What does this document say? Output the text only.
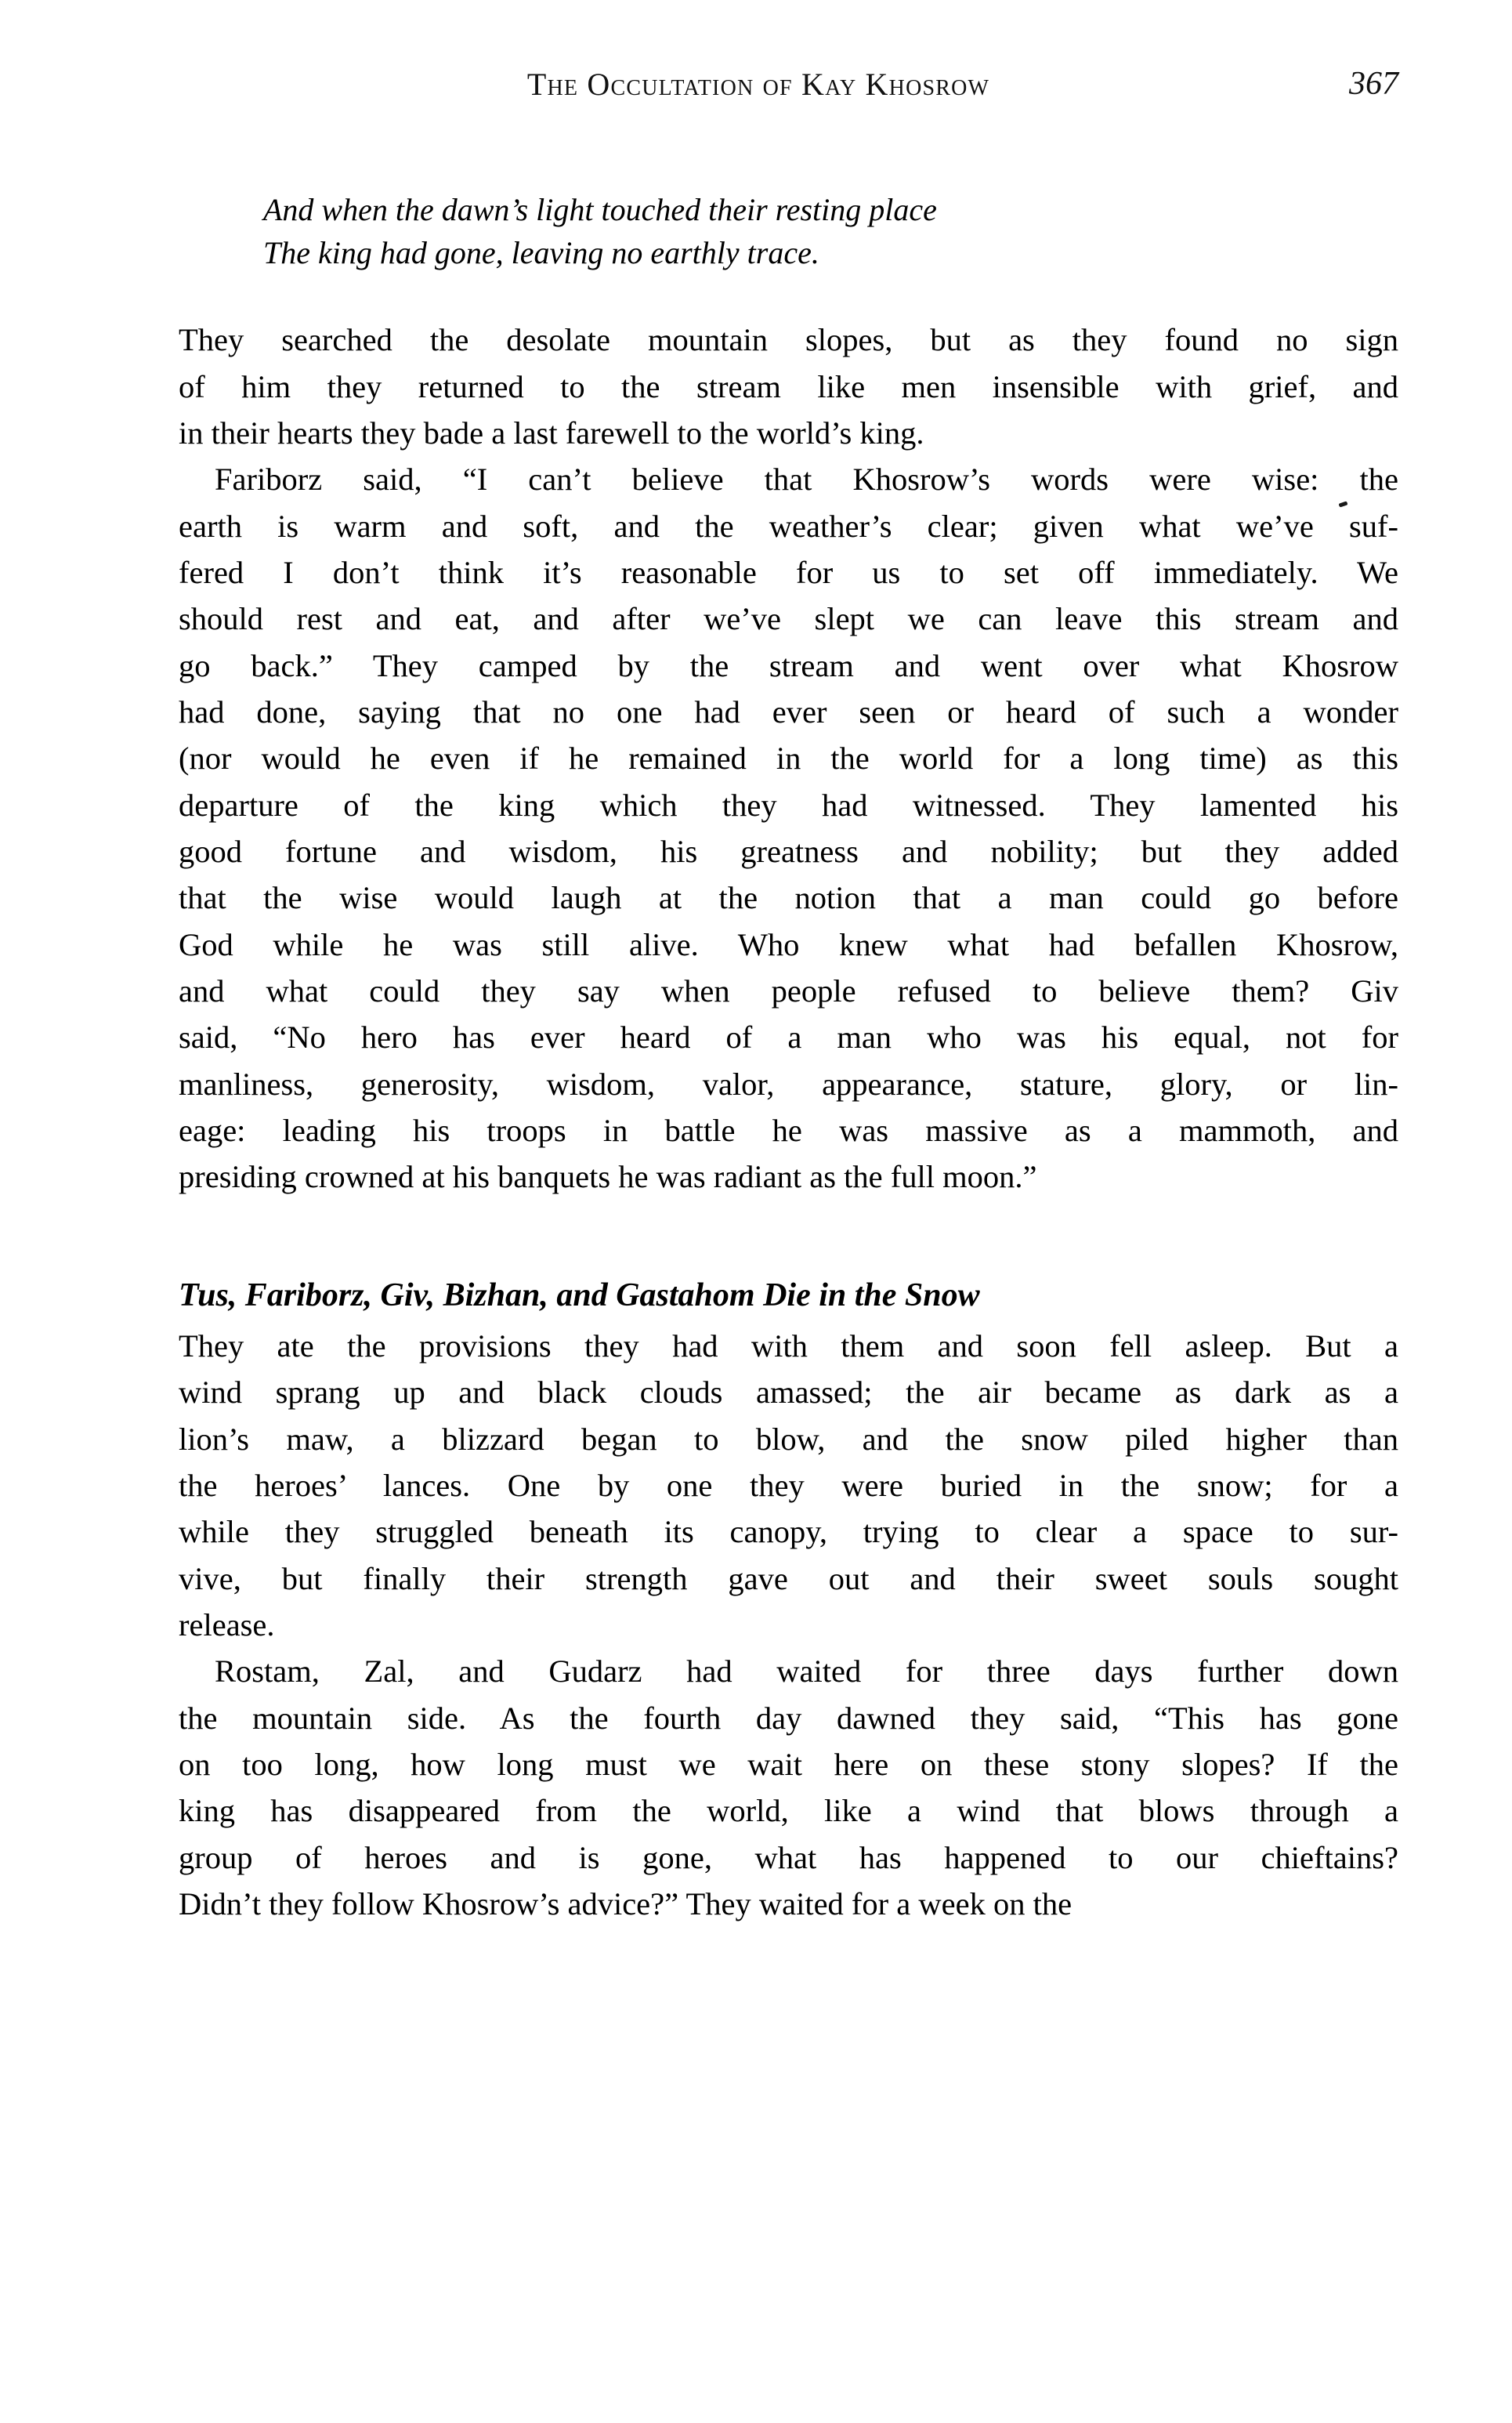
The Occultation of Kay Khosrow	367
And when the dawn’s light touched their resting place
The king had gone, leaving no earthly trace.
They searched the desolate mountain slopes, but as they found no sign
of him they returned to the stream like men insensible with grief, and
in their hearts they bade a last farewell to the world’s king.
Fariborz said, “I can’t believe that Khosrow’s words were wise: the
earth is warm and soft, and the weather’s clear; given what we’ve suf-
fered I don’t think it’s reasonable for us to set off immediately. We
should rest and eat, and after we’ve slept we can leave this stream and
go back.” They camped by the stream and went over what Khosrow
had done, saying that no one had ever seen or heard of such a wonder
(nor would he even if he remained in the world for a long time) as this
departure of the king which they had witnessed. They lamented his
good fortune and wisdom, his greatness and nobility; but they added
that the wise would laugh at the notion that a man could go before
God while he was still alive. Who knew what had befallen Khosrow,
and what could they say when people refused to believe them? Giv
said, “No hero has ever heard of a man who was his equal, not for
manliness, generosity, wisdom, valor, appearance, stature, glory, or lin-
eage: leading his troops in battle he was massive as a mammoth, and
presiding crowned at his banquets he was radiant as the full moon.”
Tus, Fariborz, Giv, Bizhan, and Gastahom Die in the Snow
They ate the provisions they had with them and soon fell asleep. But a
wind sprang up and black clouds amassed; the air became as dark as a
lion’s maw, a blizzard began to blow, and the snow piled higher than
the heroes’ lances. One by one they were buried in the snow; for a
while they struggled beneath its canopy, trying to clear a space to sur-
vive, but finally their strength gave out and their sweet souls sought
release.
Rostam, Zal, and Gudarz had waited for three days further down
the mountain side. As the fourth day dawned they said, “This has gone
on too long, how long must we wait here on these stony slopes? If the
king has disappeared from the world, like a wind that blows through a
group of heroes and is gone, what has happened to our chieftains?
Didn’t they follow Khosrow’s advice?” They waited for a week on the
